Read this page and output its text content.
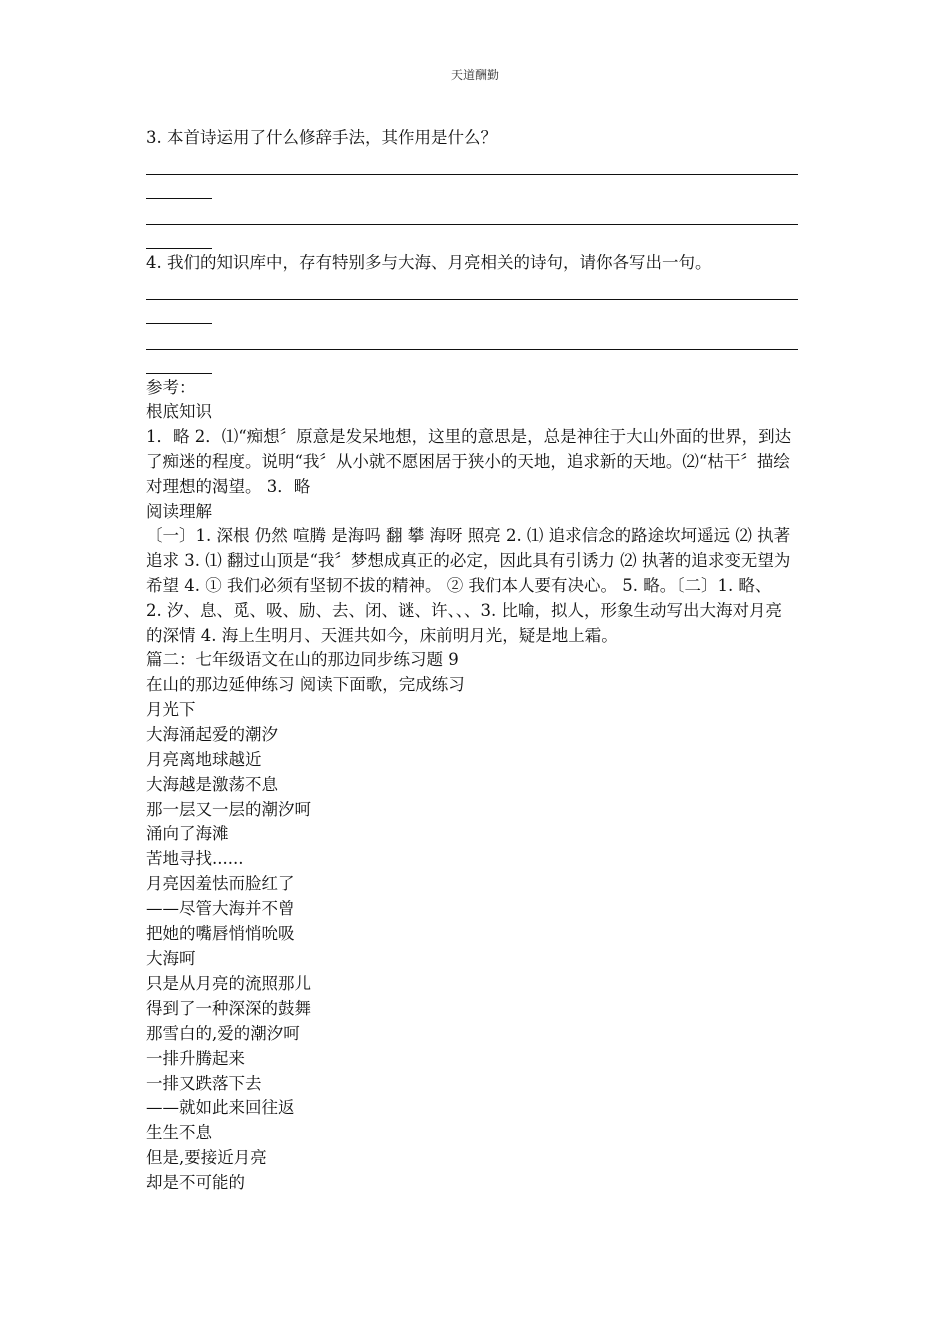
天道酬勤

3. 本首诗运用了什么修辞手法，其作用是什么？

4. 我们的知识库中，存有特别多与大海、月亮相关的诗句，请你各写出一句。

参考：

根底知识

1．略 2．⑴“痴想〞原意是发呆地想，这里的意思是，总是神往于大山外面的世界，到达了痴迷的程度。说明“我〞从小就不愿困居于狭小的天地，追求新的天地。⑵“枯干〞描绘对理想的渴望。 3．略

阅读理解

〔一〕1. 深根 仍然 喧腾 是海吗 翻 攀 海呀 照亮 2. ⑴ 追求信念的路途坎坷遥远 ⑵ 执著追求 3. ⑴ 翻过山顶是“我〞梦想成真正的必定，因此具有引诱力 ⑵ 执著的追求变无望为希望 4. ① 我们必须有坚韧不拔的精神。 ② 我们本人要有决心。 5. 略。〔二〕1. 略、

2. 汐、息、觅、吸、励、去、闭、谜、许、、、3. 比喻，拟人，形象生动写出大海对月亮的深情 4. 海上生明月、天涯共如今，床前明月光，疑是地上霜。

篇二：七年级语文在山的那边同步练习题 9

在山的那边延伸练习 阅读下面歌，完成练习

月光下

大海涌起爱的潮汐

月亮离地球越近

大海越是激荡不息

那一层又一层的潮汐呵

涌向了海滩

苦地寻找......

月亮因羞怯而脸红了

——尽管大海并不曾

把她的嘴唇悄悄吮吸

大海呵

只是从月亮的流照那儿

得到了一种深深的鼓舞

那雪白的,爱的潮汐呵

一排升腾起来

一排又跌落下去

——就如此来回往返

生生不息

但是,要接近月亮

却是不可能的
